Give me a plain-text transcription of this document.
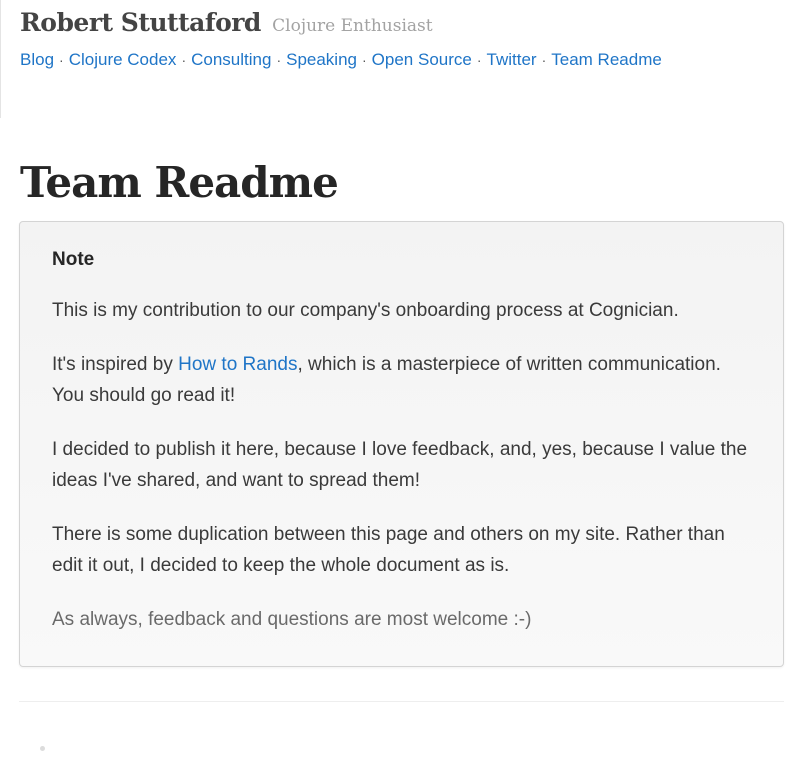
Robert Stuttaford Clojure Enthusiast
Blog · Clojure Codex · Consulting · Speaking · Open Source · Twitter · Team Readme
Team Readme
Note

This is my contribution to our company's onboarding process at Cognician.

It's inspired by How to Rands, which is a masterpiece of written communication. You should go read it!

I decided to publish it here, because I love feedback, and, yes, because I value the ideas I've shared, and want to spread them!

There is some duplication between this page and others on my site. Rather than edit it out, I decided to keep the whole document as is.

As always, feedback and questions are most welcome :-)
